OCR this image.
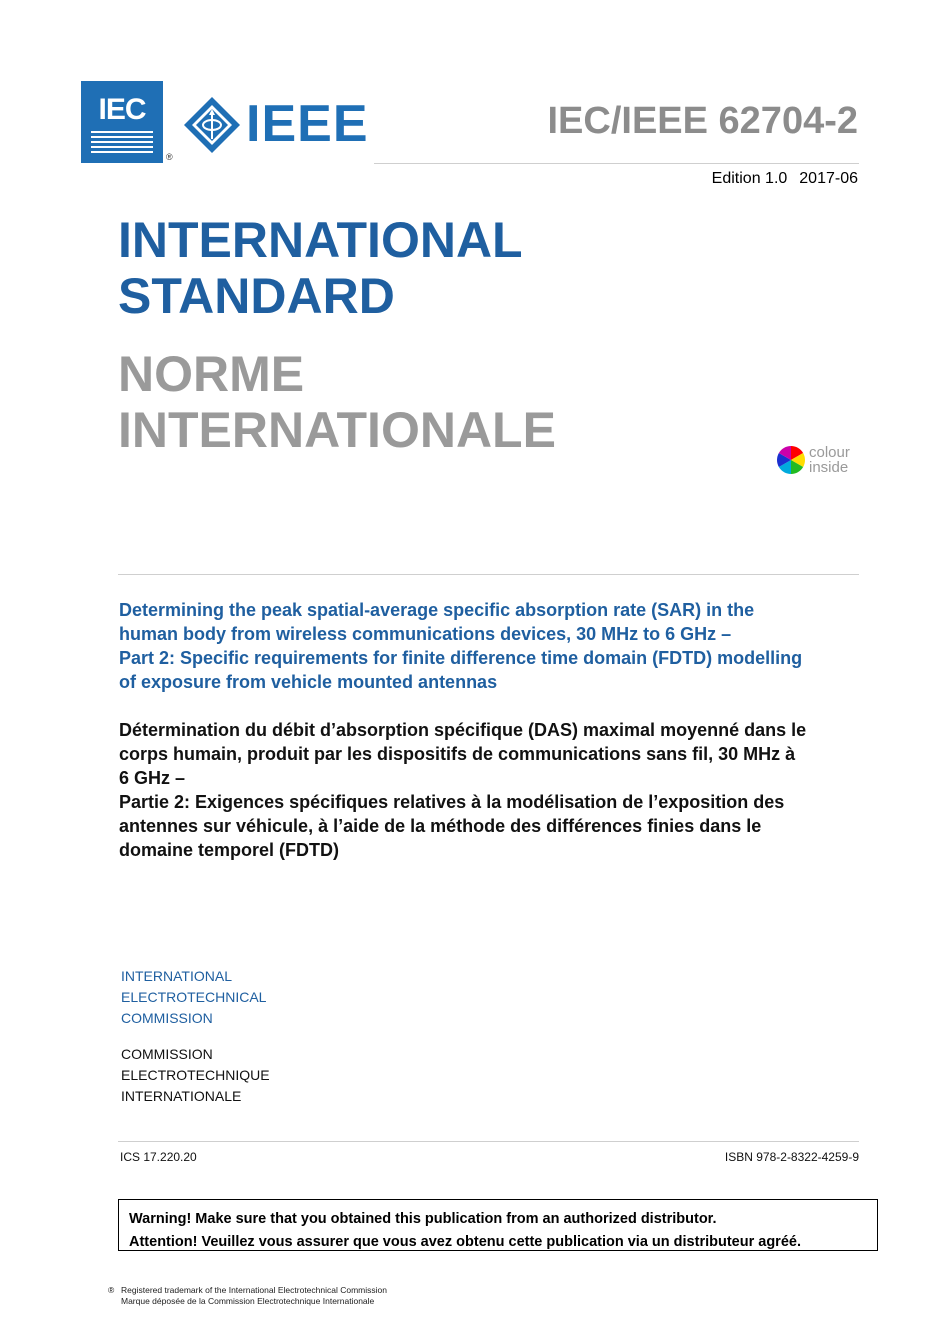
IEC
®
IEEE	IEC/IEEE 62704-2
Edition 1.0 2017-06
INTERNATIONAL
STANDARD
NORME
INTERNATIONALE	colour
inside
Determining the peak spatial-average specific absorption rate (SAR) in the
human body from wireless communications devices, 30 MHz to 6 GHz –
Part 2: Specific requirements for finite difference time domain (FDTD) modelling
of exposure from vehicle mounted antennas
Détermination du débit d’absorption spécifique (DAS) maximal moyenné dans le
corps humain, produit par les dispositifs de communications sans fil, 30 MHz à
6 GHz –
Partie 2: Exigences spécifiques relatives à la modélisation de l’exposition des
antennes sur véhicule, à l’aide de la méthode des différences finies dans le
domaine temporel (FDTD)
INTERNATIONAL
ELECTROTECHNICAL
COMMISSION
COMMISSION
ELECTROTECHNIQUE
INTERNATIONALE
ICS 17.220.20	ISBN 978-2-8322-4259-9
Warning! Make sure that you obtained this publication from an authorized distributor.
Attention! Veuillez vous assurer que vous avez obtenu cette publication via un distributeur agréé.
® Registered trademark of the International Electrotechnical Commission
Marque déposée de la Commission Electrotechnique Internationale
